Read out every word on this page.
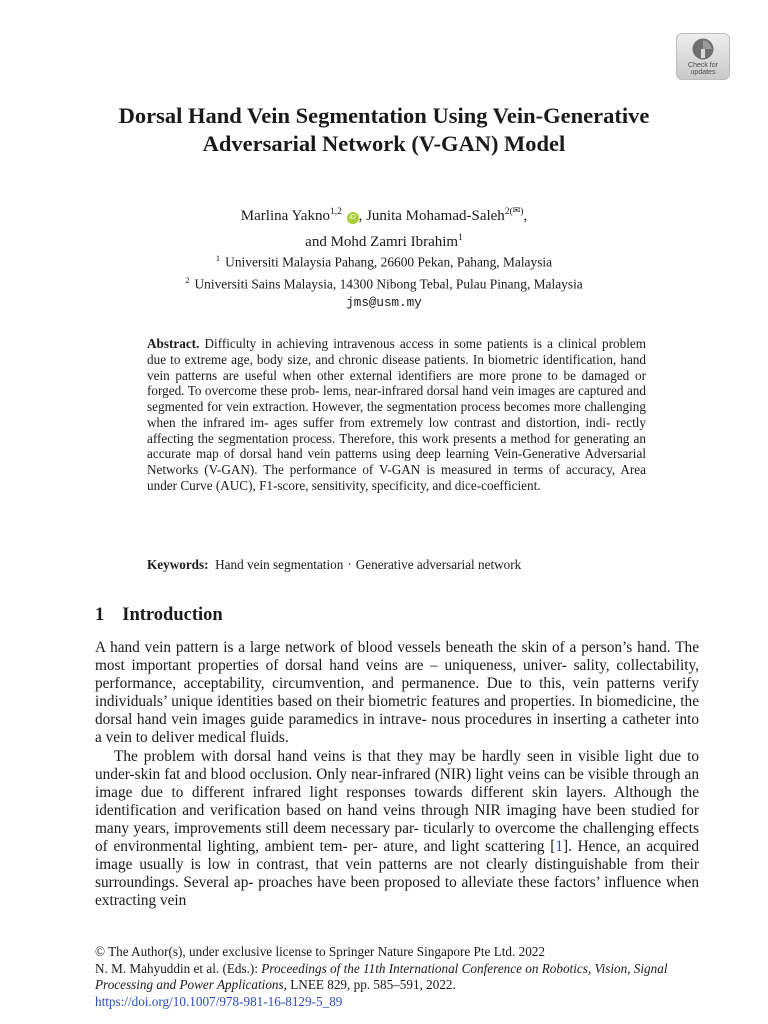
Check for
updates
Dorsal Hand Vein Segmentation Using Vein-Generative Adversarial Network (V-GAN) Model
Marlina Yakno$^{1,2}$ iD , Junita Mohamad-Saleh$^{2(✉)}$,
and Mohd Zamri Ibrahim$^1$
$^1$ Universiti Malaysia Pahang, 26600 Pekan, Pahang, Malaysia
$^2$ Universiti Sains Malaysia, 14300 Nibong Tebal, Pulau Pinang, Malaysia
jms@usm.my

Abstract. Difficulty in achieving intravenous access in some patients is a clinical problem due to extreme age, body size, and chronic disease patients. In biometric identification, hand vein patterns are useful when other external identifiers are more prone to be damaged or forged. To overcome these prob- lems, near-infrared dorsal hand vein images are captured and segmented for vein extraction. However, the segmentation process becomes more challenging when the infrared im- ages suffer from extremely low contrast and distortion, indi- rectly affecting the segmentation process. Therefore, this work presents a method for generating an accurate map of dorsal hand vein patterns using deep learning Vein-Generative Adversarial Networks (V-GAN). The performance of V-GAN is measured in terms of accuracy, Area under Curve (AUC), F1-score, sensitivity, specificity, and dice-coefficient.

Keywords: Hand vein segmentation · Generative adversarial network

1 Introduction

A hand vein pattern is a large network of blood vessels beneath the skin of a person’s hand. The most important properties of dorsal hand veins are – uniqueness, univer- sality, collectability, performance, acceptability, circumvention, and permanence. Due to this, vein patterns verify individuals’ unique identities based on their biometric features and properties. In biomedicine, the dorsal hand vein images guide paramedics in intrave- nous procedures in inserting a catheter into a vein to deliver medical fluids.

The problem with dorsal hand veins is that they may be hardly seen in visible light due to under-skin fat and blood occlusion. Only near-infrared (NIR) light veins can be visible through an image due to different infrared light responses towards different skin layers. Although the identification and verification based on hand veins through NIR imaging have been studied for many years, improvements still deem necessary par- ticularly to overcome the challenging effects of environmental lighting, ambient tem- per- ature, and light scattering [1]. Hence, an acquired image usually is low in contrast, that vein patterns are not clearly distinguishable from their surroundings. Several ap- proaches have been proposed to alleviate these factors’ influence when extracting vein

© The Author(s), under exclusive license to Springer Nature Singapore Pte Ltd. 2022
N. M. Mahyuddin et al. (Eds.): Proceedings of the 11th International Conference on Robotics, Vision, Signal Processing and Power Applications, LNEE 829, pp. 585–591, 2022.
https://doi.org/10.1007/978-981-16-8129-5_89
